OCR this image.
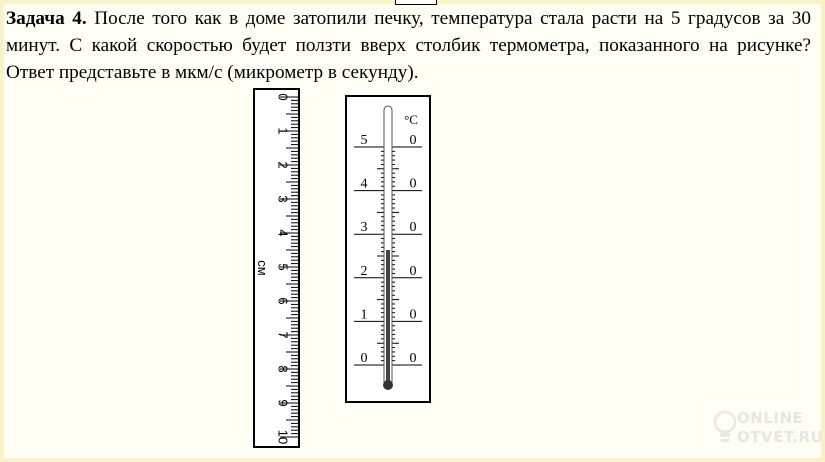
Задача 4. После того как в доме затопили печку, температура стала расти на 5 градусов за 30 минут. С какой скоростью будет ползти вверх столбик термометра, показанного на рисунке? Ответ представьте в мкм/с (микрометр в секунду).
0
1
2
3
4
5
6
7
8
9
10
см
°C
5	0
4	0
3	0
2	0
1	0
0	0
ONLINE
OTVET.RU
